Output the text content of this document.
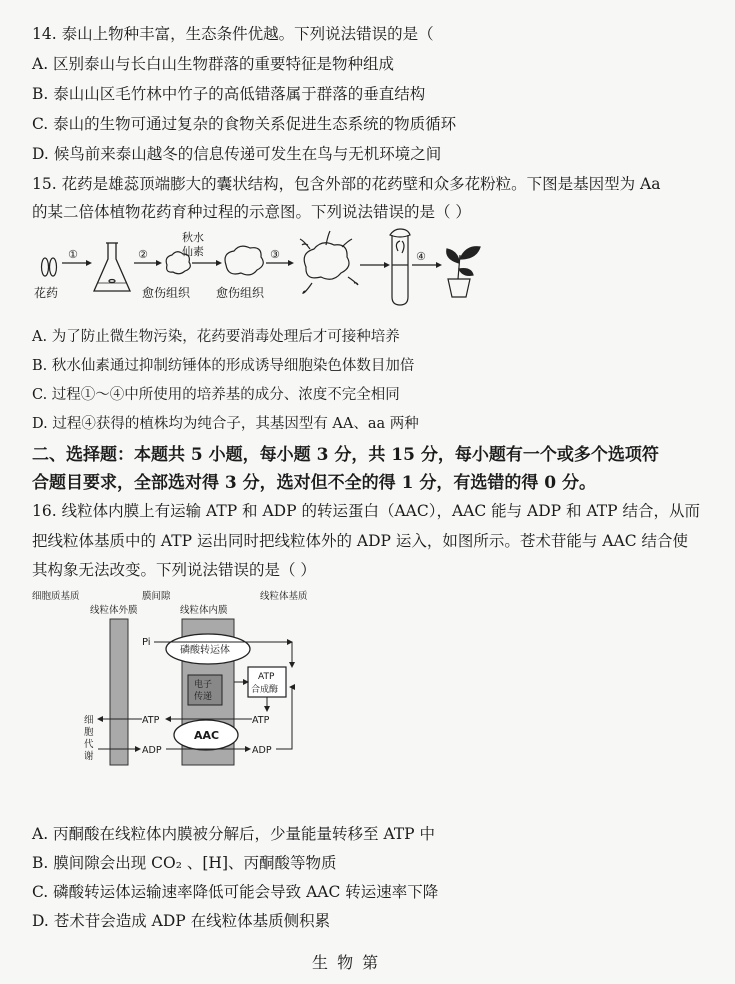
14. 泰山上物种丰富，生态条件优越。下列说法错误的是（
A. 区别泰山与长白山生物群落的重要特征是物种组成
B. 泰山山区毛竹林中竹子的高低错落属于群落的垂直结构
C. 泰山的生物可通过复杂的食物关系促进生态系统的物质循环
D. 候鸟前来泰山越冬的信息传递可发生在鸟与无机环境之间
15. 花药是雄蕊顶端膨大的囊状结构，包含外部的花药壁和众多花粉粒。下图是基因型为 Aa
的某二倍体植物花药育种过程的示意图。下列说法错误的是（ ）
①	②
秋水
仙素	③	④
花药	愈伤组织 愈伤组织
A. 为了防止微生物污染，花药要消毒处理后才可接种培养
B. 秋水仙素通过抑制纺锤体的形成诱导细胞染色体数目加倍
C. 过程①～④中所使用的培养基的成分、浓度不完全相同
D. 过程④获得的植株均为纯合子，其基因型有 AA、aa 两种
二、选择题：本题共 5 小题，每小题 3 分，共 15 分，每小题有一个或多个选项符
合题目要求，全部选对得 3 分，选对但不全的得 1 分，有选错的得 0 分。
16. 线粒体内膜上有运输 ATP 和 ADP 的转运蛋白（AAC），AAC 能与 ADP 和 ATP 结合，从而
把线粒体基质中的 ATP 运出同时把线粒体外的 ADP 运入，如图所示。苍术苷能与 AAC 结合使
其构象无法改变。下列说法错误的是（ ）
细胞质基质	膜间隙	线粒体基质
线粒体外膜	线粒体内膜
磷酸转运体
Pi
电子
传递
ATP
合成酶
细
胞
代
谢
ATP	ATP
AAC
ADP	ADP
A. 丙酮酸在线粒体内膜被分解后，少量能量转移至 ATP 中
B. 膜间隙会出现 CO₂ 、[H]、丙酮酸等物质
C. 磷酸转运体运输速率降低可能会导致 AAC 转运速率下降
D. 苍术苷会造成 ADP 在线粒体基质侧积累
生 物 第
